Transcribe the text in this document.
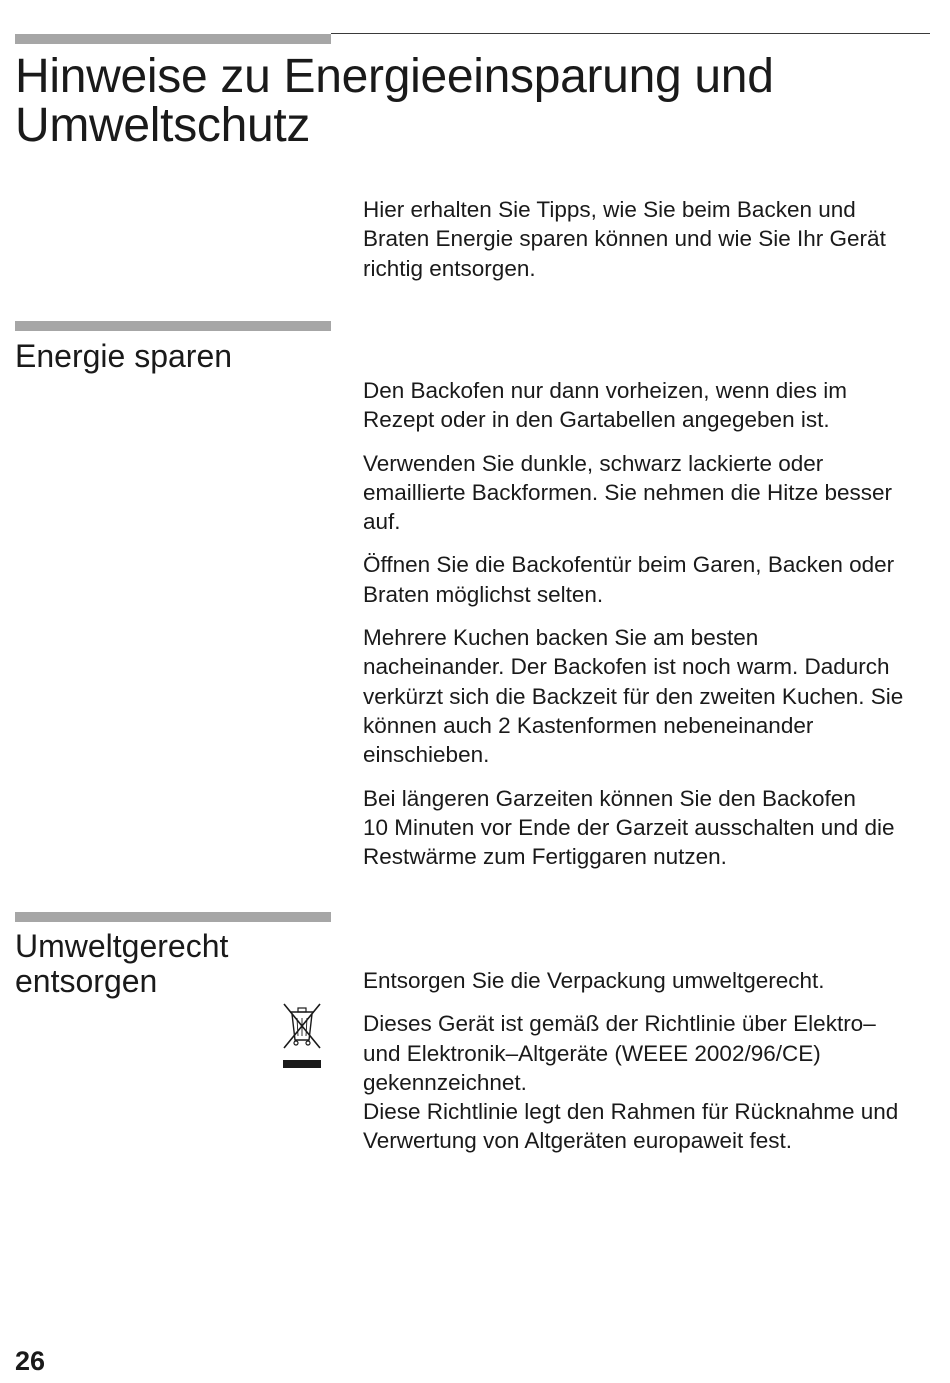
Hinweise zu Energieeinsparung und
Umweltschutz

Hier erhalten Sie Tipps, wie Sie beim Backen und
Braten Energie sparen können und wie Sie Ihr Gerät
richtig entsorgen.

Energie sparen

Den Backofen nur dann vorheizen, wenn dies im
Rezept oder in den Gartabellen angegeben ist.

Verwenden Sie dunkle, schwarz lackierte oder
emaillierte Backformen. Sie nehmen die Hitze besser
auf.

Öffnen Sie die Backofentür beim Garen, Backen oder
Braten möglichst selten.

Mehrere Kuchen backen Sie am besten
nacheinander. Der Backofen ist noch warm. Dadurch
verkürzt sich die Backzeit für den zweiten Kuchen. Sie
können auch 2 Kastenformen nebeneinander
einschieben.

Bei längeren Garzeiten können Sie den Backofen
10 Minuten vor Ende der Garzeit ausschalten und die
Restwärme zum Fertiggaren nutzen.

Umweltgerecht
entsorgen	Entsorgen Sie die Verpackung umweltgerecht.

Dieses Gerät ist gemäß der Richtlinie über Elektro–
und Elektronik–Altgeräte (WEEE 2002/96/CE)
gekennzeichnet.
Diese Richtlinie legt den Rahmen für Rücknahme und
Verwertung von Altgeräten europaweit fest.

26
